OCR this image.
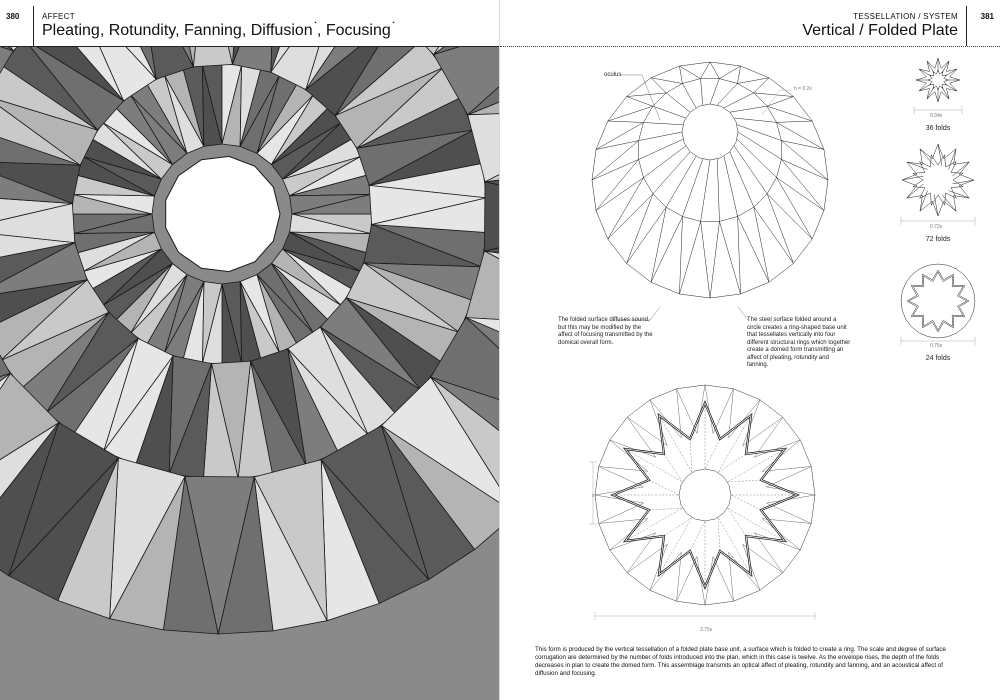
380	AFFECT
Pleating, Rotundity, Fanning, Diffusion◔, Focusing◔
TESSELLATION / SYSTEM
Vertical / Folded Plate
381
oculus
h = 0.2x
The folded surface diffuses sound, but this may be modified by the affect of focusing transmitted by the domical overall form.
The steel surface folded around a circle creates a ring-shaped base unit that tessellates vertically into four different structural rings which together create a domed form transmitting an affect of pleating, rotundity and fanning.
0.34x
36 folds
0.72x
72 folds
0.75x
24 folds
x
3.75x
This form is produced by the vertical tessellation of a folded plate base unit, a surface which is folded to create a ring. The scale and degree of surface corrugation are determined by the number of folds introduced into the plan, which in this case is twelve. As the envelope rises, the depth of the folds decreases in plan to create the domed form. This assemblage transmits an optical affect of pleating, rotundity and fanning, and an acoustical affect of diffusion and focusing.
